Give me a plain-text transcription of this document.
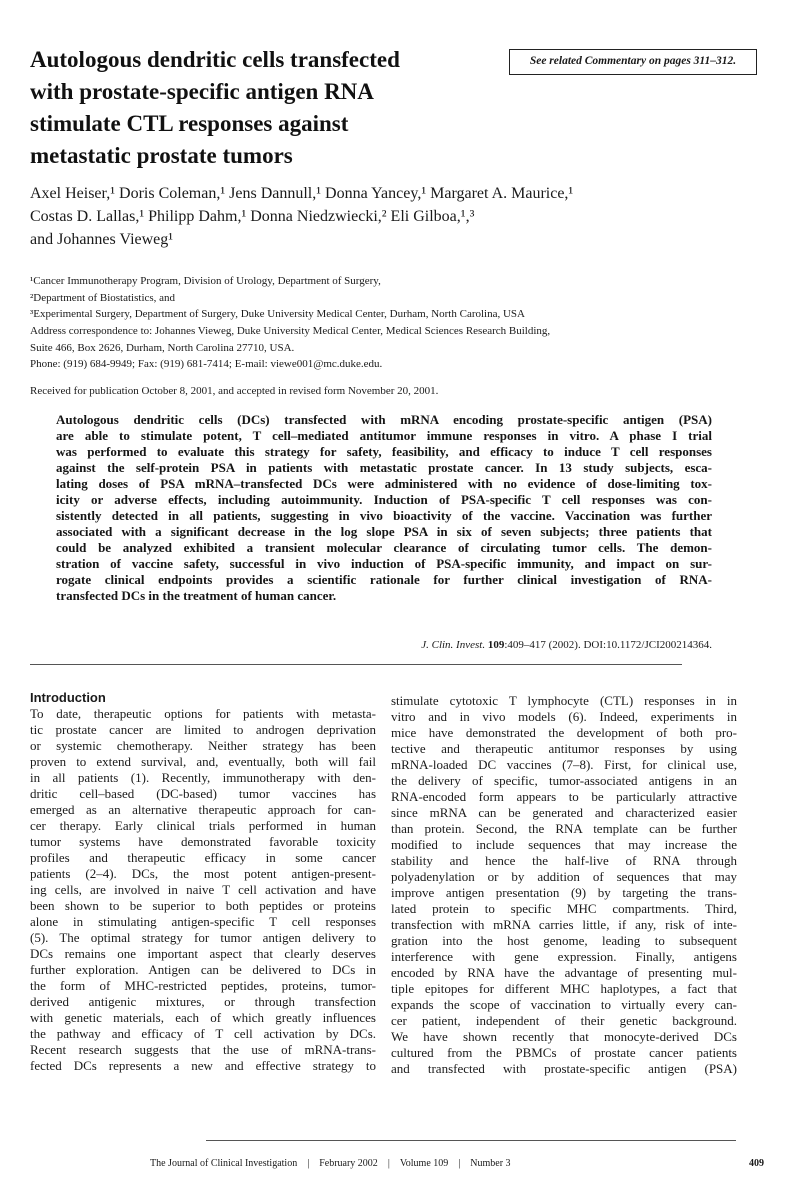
Autologous dendritic cells transfected
with prostate-specific antigen RNA
stimulate CTL responses against
metastatic prostate tumors
See related Commentary on pages 311–312.
Axel Heiser,¹ Doris Coleman,¹ Jens Dannull,¹ Donna Yancey,¹ Margaret A. Maurice,¹
Costas D. Lallas,¹ Philipp Dahm,¹ Donna Niedzwiecki,² Eli Gilboa,¹,³
and Johannes Vieweg¹
¹Cancer Immunotherapy Program, Division of Urology, Department of Surgery,
²Department of Biostatistics, and
³Experimental Surgery, Department of Surgery, Duke University Medical Center, Durham, North Carolina, USA
Address correspondence to: Johannes Vieweg, Duke University Medical Center, Medical Sciences Research Building,
Suite 466, Box 2626, Durham, North Carolina 27710, USA.
Phone: (919) 684-9949; Fax: (919) 681-7414; E-mail: viewe001@mc.duke.edu.
Received for publication October 8, 2001, and accepted in revised form November 20, 2001.
Autologous dendritic cells (DCs) transfected with mRNA encoding prostate-specific antigen (PSA)
are able to stimulate potent, T cell–mediated antitumor immune responses in vitro. A phase I trial
was performed to evaluate this strategy for safety, feasibility, and efficacy to induce T cell responses
against the self-protein PSA in patients with metastatic prostate cancer. In 13 study subjects, esca-
lating doses of PSA mRNA–transfected DCs were administered with no evidence of dose-limiting tox-
icity or adverse effects, including autoimmunity. Induction of PSA-specific T cell responses was con-
sistently detected in all patients, suggesting in vivo bioactivity of the vaccine. Vaccination was further
associated with a significant decrease in the log slope PSA in six of seven subjects; three patients that
could be analyzed exhibited a transient molecular clearance of circulating tumor cells. The demon-
stration of vaccine safety, successful in vivo induction of PSA-specific immunity, and impact on sur-
rogate clinical endpoints provides a scientific rationale for further clinical investigation of RNA-
transfected DCs in the treatment of human cancer.
J. Clin. Invest. 109:409–417 (2002). DOI:10.1172/JCI200214364.
Introduction
To date, therapeutic options for patients with metasta-
tic prostate cancer are limited to androgen deprivation
or systemic chemotherapy. Neither strategy has been
proven to extend survival, and, eventually, both will fail
in all patients (1). Recently, immunotherapy with den-
dritic cell–based (DC-based) tumor vaccines has
emerged as an alternative therapeutic approach for can-
cer therapy. Early clinical trials performed in human
tumor systems have demonstrated favorable toxicity
profiles and therapeutic efficacy in some cancer
patients (2–4). DCs, the most potent antigen-present-
ing cells, are involved in naive T cell activation and have
been shown to be superior to both peptides or proteins
alone in stimulating antigen-specific T cell responses
(5). The optimal strategy for tumor antigen delivery to
DCs remains one important aspect that clearly deserves
further exploration. Antigen can be delivered to DCs in
the form of MHC-restricted peptides, proteins, tumor-
derived antigenic mixtures, or through transfection
with genetic materials, each of which greatly influences
the pathway and efficacy of T cell activation by DCs.
Recent research suggests that the use of mRNA-trans-
fected DCs represents a new and effective strategy to
stimulate cytotoxic T lymphocyte (CTL) responses in in
vitro and in vivo models (6). Indeed, experiments in
mice have demonstrated the development of both pro-
tective and therapeutic antitumor responses by using
mRNA-loaded DC vaccines (7–8). First, for clinical use,
the delivery of specific, tumor-associated antigens in an
RNA-encoded form appears to be particularly attractive
since mRNA can be generated and characterized easier
than protein. Second, the RNA template can be further
modified to include sequences that may increase the
stability and hence the half-live of RNA through
polyadenylation or by addition of sequences that may
improve antigen presentation (9) by targeting the trans-
lated protein to specific MHC compartments. Third,
transfection with mRNA carries little, if any, risk of inte-
gration into the host genome, leading to subsequent
interference with gene expression. Finally, antigens
encoded by RNA have the advantage of presenting mul-
tiple epitopes for different MHC haplotypes, a fact that
expands the scope of vaccination to virtually every can-
cer patient, independent of their genetic background.
We have shown recently that monocyte-derived DCs
cultured from the PBMCs of prostate cancer patients
and transfected with prostate-specific antigen (PSA)
The Journal of Clinical Investigation | February 2002 | Volume 109 | Number 3	409
